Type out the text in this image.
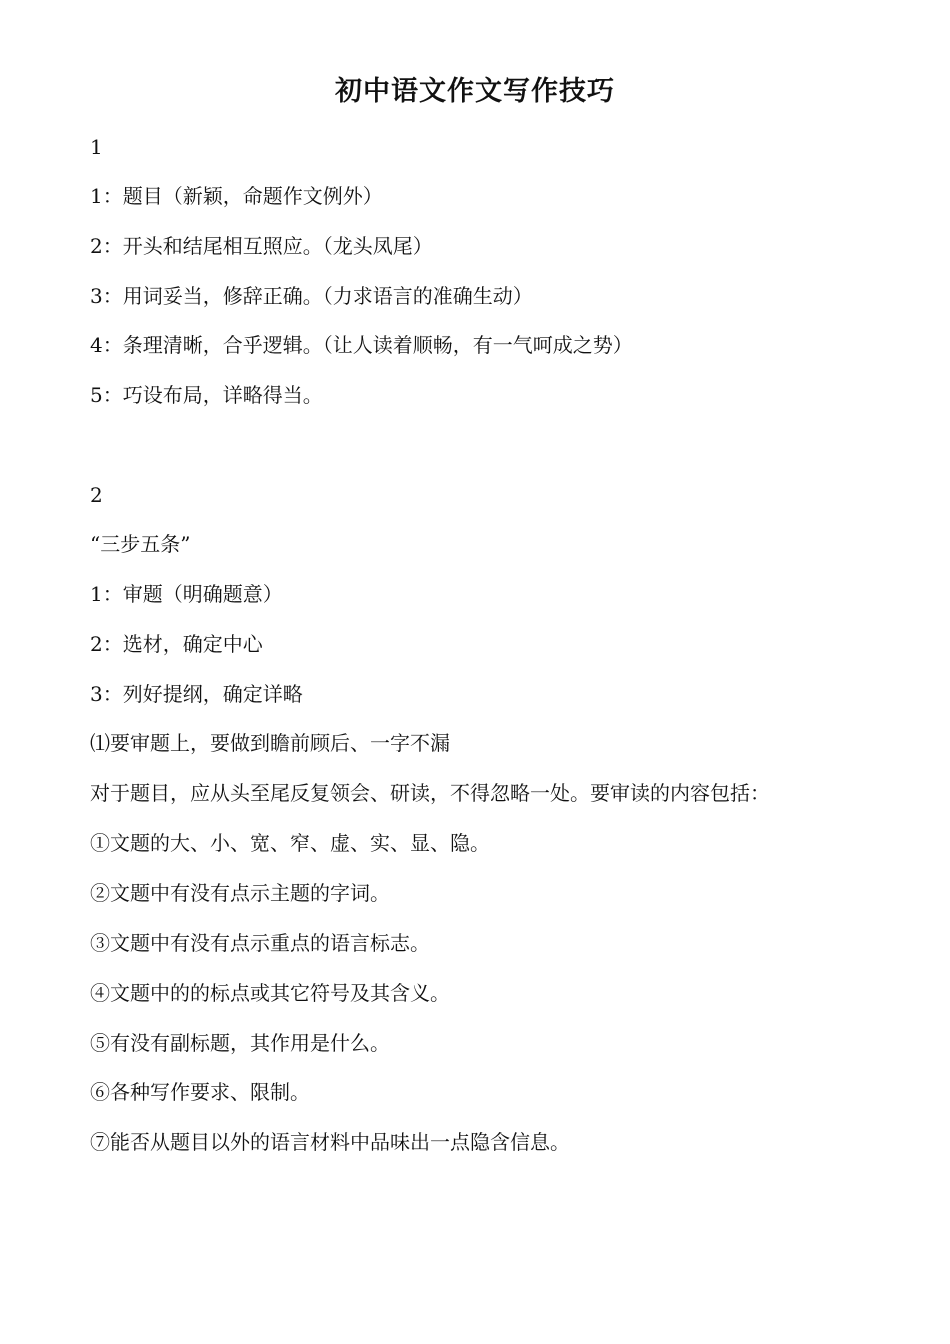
初中语文作文写作技巧
1
1：题目（新颖，命题作文例外）
2：开头和结尾相互照应。（龙头凤尾）
3：用词妥当，修辞正确。（力求语言的准确生动）
4：条理清晰，合乎逻辑。（让人读着顺畅，有一气呵成之势）
5：巧设布局，详略得当。
2
“三步五条”
1：审题（明确题意）
2：选材，确定中心
3：列好提纲，确定详略
⑴要审题上，要做到瞻前顾后、一字不漏
对于题目，应从头至尾反复领会、研读，不得忽略一处。要审读的内容包括：
①文题的大、小、宽、窄、虚、实、显、隐。
②文题中有没有点示主题的字词。
③文题中有没有点示重点的语言标志。
④文题中的的标点或其它符号及其含义。
⑤有没有副标题，其作用是什么。
⑥各种写作要求、限制。
⑦能否从题目以外的语言材料中品味出一点隐含信息。
